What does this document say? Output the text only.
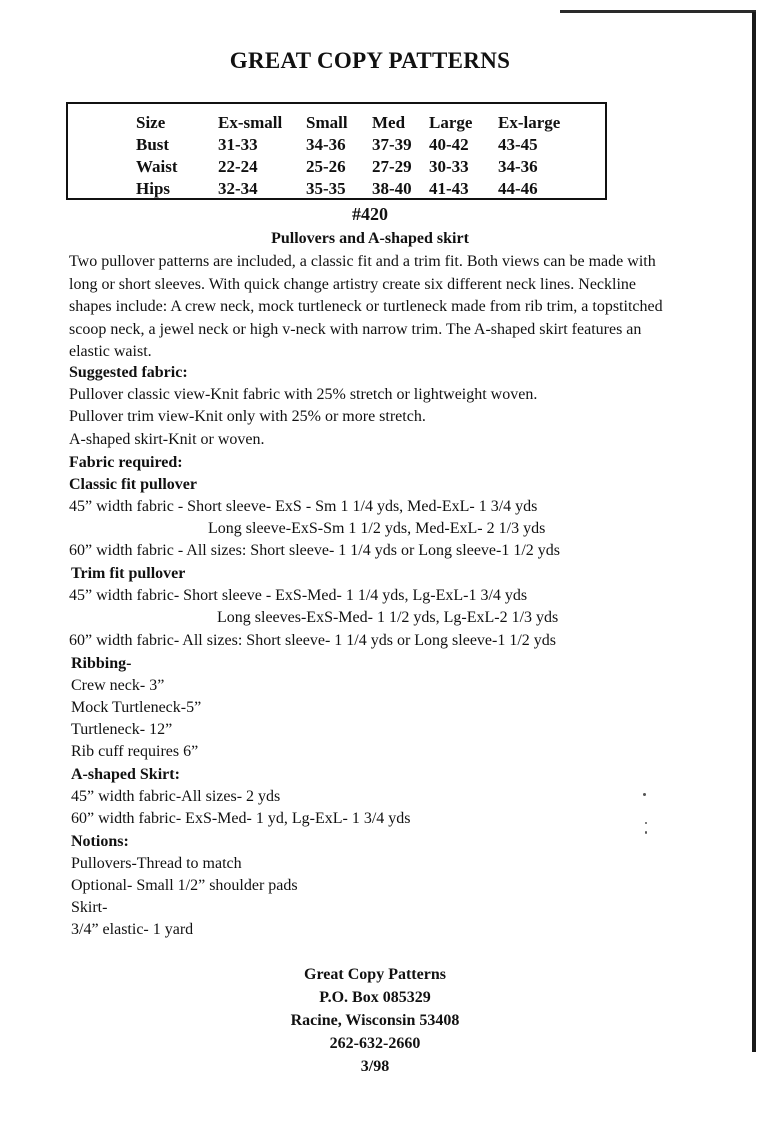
GREAT COPY PATTERNS
Size	Ex-small	Small	Med	Large	Ex-large
Bust	31-33	34-36	37-39	40-42	43-45
Waist	22-24	25-26	27-29	30-33	34-36
Hips	32-34	35-35	38-40	41-43	44-46
#420
Pullovers and A-shaped skirt
Two pullover patterns are included, a classic fit and a trim fit. Both views can be made with long or short sleeves. With quick change artistry create six different neck lines. Neckline shapes include: A crew neck, mock turtleneck or turtleneck made from rib trim, a topstitched scoop neck, a jewel neck or high v-neck with narrow trim. The A-shaped skirt features an elastic waist.
Suggested fabric:
Pullover classic view-Knit fabric with 25% stretch or lightweight woven.
Pullover trim view-Knit only with 25% or more stretch.
A-shaped skirt-Knit or woven.
Fabric required:
Classic fit pullover
45” width fabric - Short sleeve- ExS - Sm 1 1/4 yds, Med-ExL- 1 3/4 yds
Long sleeve-ExS-Sm 1 1/2 yds, Med-ExL- 2 1/3 yds
60” width fabric - All sizes: Short sleeve- 1 1/4 yds or Long sleeve-1 1/2 yds
Trim fit pullover
45” width fabric- Short sleeve - ExS-Med- 1 1/4 yds, Lg-ExL-1 3/4 yds
Long sleeves-ExS-Med- 1 1/2 yds, Lg-ExL-2 1/3 yds
60” width fabric- All sizes: Short sleeve- 1 1/4 yds or Long sleeve-1 1/2 yds
Ribbing-
Crew neck- 3”
Mock Turtleneck-5”
Turtleneck- 12”
Rib cuff requires 6”
A-shaped Skirt:
45” width fabric-All sizes- 2 yds
60” width fabric- ExS-Med- 1 yd, Lg-ExL- 1 3/4 yds
Notions:
Pullovers-Thread to match
Optional- Small 1/2” shoulder pads
Skirt-
3/4” elastic- 1 yard
Great Copy Patterns
P.O. Box 085329
Racine, Wisconsin 53408
262-632-2660
3/98
